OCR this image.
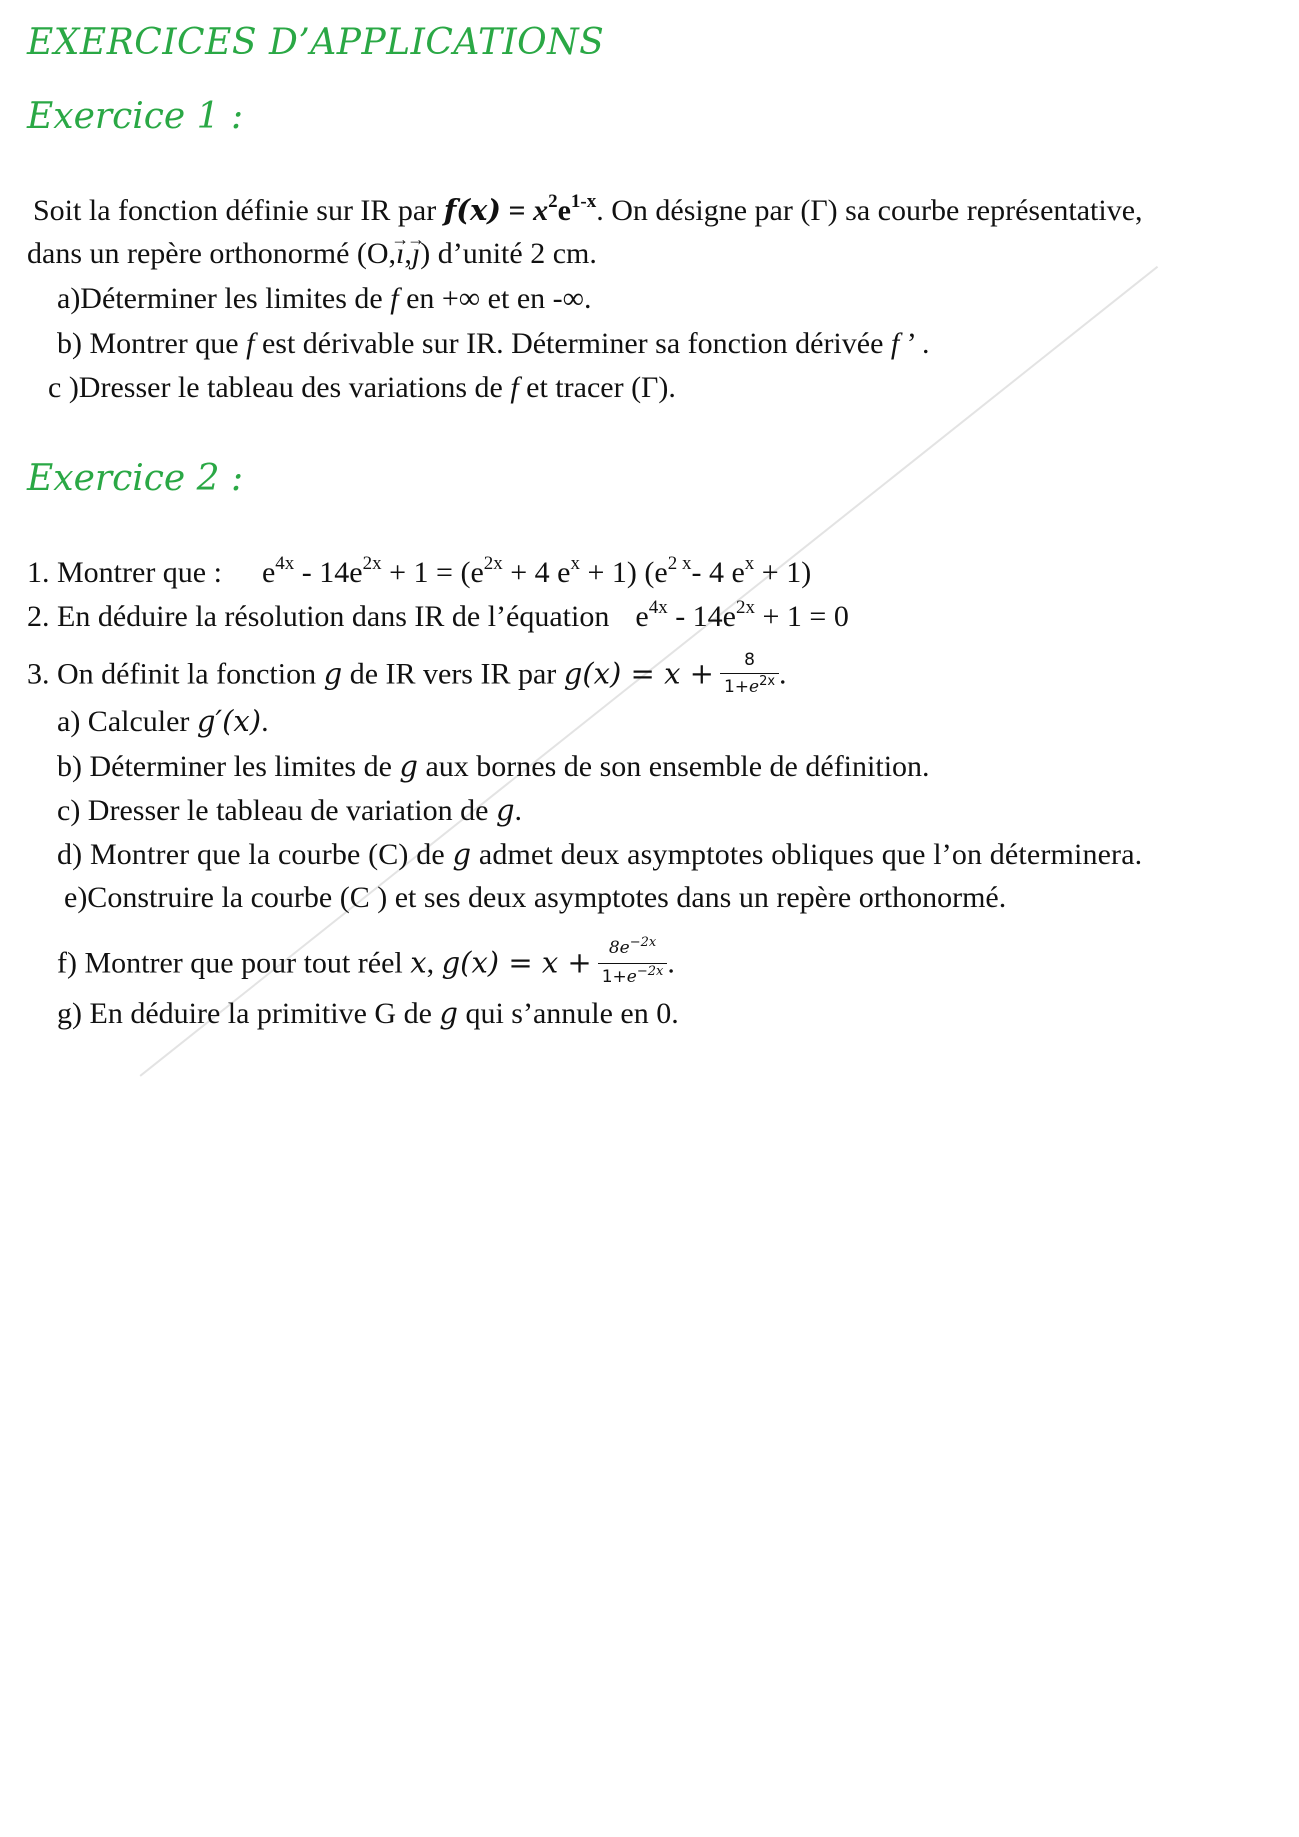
EXERCICES D’APPLICATIONS
Exercice 1 :
Soit la fonction définie sur IR par $f(x) = x^2e^{1-x}$. On désigne par (Γ) sa courbe représentative,
dans un repère orthonormé (O,→ ı,→ ȷ) d’unité 2 cm.
a)Déterminer les limites de f en +∞ et en -∞.
b) Montrer que f est dérivable sur IR. Déterminer sa fonction dérivée f ’ .
c )Dresser le tableau des variations de f et tracer (Γ).
Exercice 2 :
1. Montrer que : $e^{4x} - 14e^{2x} + 1 = (e^{2x} + 4$ $e^x + 1$) ($e^{2 x}-$ 4 $e^x + 1$)
2. En déduire la résolution dans IR de l’équation $e^{4x} - 14e^{2x} + 1 = 0$
3. On définit la fonction g de IR vers IR par $g(x) = x + \frac{8}{1+e^{2x}}$ .
a) Calculer g′(x).
b) Déterminer les limites de g aux bornes de son ensemble de définition.
c) Dresser le tableau de variation de g.
d) Montrer que la courbe (C) de g admet deux asymptotes obliques que l’on déterminera.
e)Construire la courbe (C ) et ses deux asymptotes dans un repère orthonormé.
f) Montrer que pour tout réel x, $g(x) = x + \frac{8e^{-2x}}{1+e^{-2x}}$ .
g) En déduire la primitive G de g qui s’annule en 0.
